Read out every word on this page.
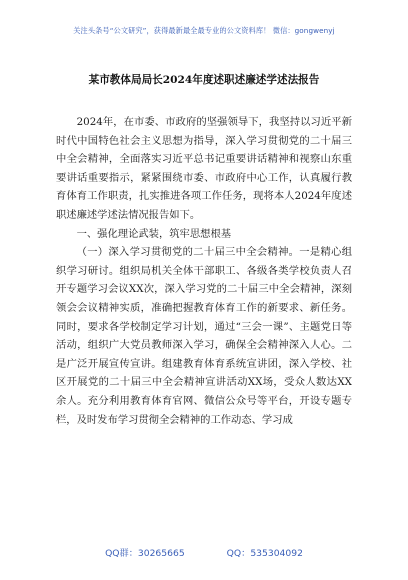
关注头条号“公文研究”，获得最新最全最专业的公文资料库！ 微信：gongwenyj
某市教体局局长2024年度述职述廉述学述法报告

2024年，在市委、市政府的坚强领导下，我坚持以习近平新时代中国特色社会主义思想为指导，深入学习贯彻党的二十届三中全会精神，全面落实习近平总书记重要讲话精神和视察山东重要讲话重要指示，紧紧围绕市委、市政府中心工作，认真履行教育体育工作职责，扎实推进各项工作任务，现将本人2024年度述职述廉述学述法情况报告如下。

一、强化理论武装，筑牢思想根基

（一）深入学习贯彻党的二十届三中全会精神。一是精心组织学习研讨。组织局机关全体干部职工、各级各类学校负责人召开专题学习会议XX次，深入学习党的二十届三中全会精神，深刻领会会议精神实质，准确把握教育体育工作的新要求、新任务。同时，要求各学校制定学习计划，通过“三会一课”、主题党日等活动，组织广大党员教师深入学习，确保全会精神深入人心。二是广泛开展宣传宣讲。组建教育体育系统宣讲团，深入学校、社区开展党的二十届三中全会精神宣讲活动XX场，受众人数达XX余人。充分利用教育体育官网、微信公众号等平台，开设专题专栏，及时发布学习贯彻全会精神的工作动态、学习成

QQ群：30265665	QQ：535304092
